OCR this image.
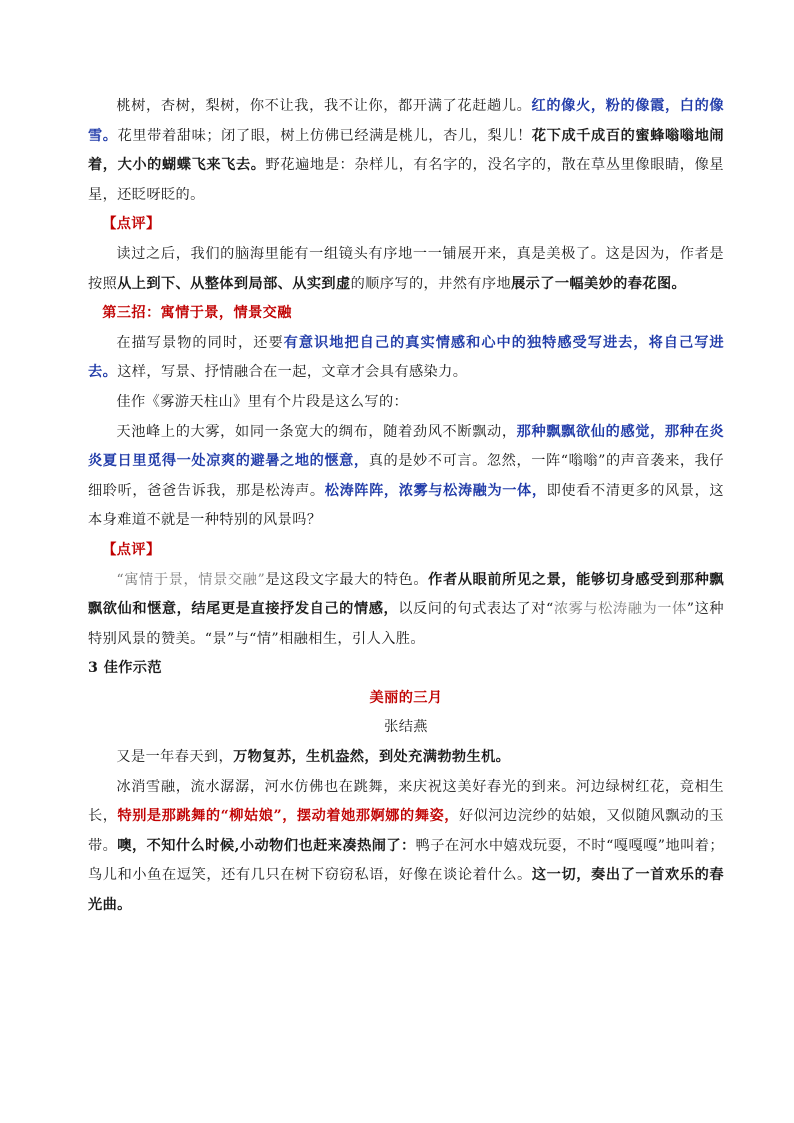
桃树，杏树，梨树，你不让我，我不让你，都开满了花赶趟儿。红的像火，粉的像霞，白的像雪。花里带着甜味；闭了眼，树上仿佛已经满是桃儿，杏儿，梨儿！花下成千成百的蜜蜂嗡嗡地闹着，大小的蝴蝶飞来飞去。野花遍地是：杂样儿，有名字的，没名字的，散在草丛里像眼睛，像星星，还眨呀眨的。

【点评】

读过之后，我们的脑海里能有一组镜头有序地一一铺展开来，真是美极了。这是因为，作者是按照从上到下、从整体到局部、从实到虚的顺序写的，井然有序地展示了一幅美妙的春花图。

第三招：寓情于景，情景交融

在描写景物的同时，还要有意识地把自己的真实情感和心中的独特感受写进去，将自己写进去。这样，写景、抒情融合在一起，文章才会具有感染力。

佳作《雾游天柱山》里有个片段是这么写的：

天池峰上的大雾，如同一条宽大的绸布，随着劲风不断飘动，那种飘飘欲仙的感觉，那种在炎炎夏日里觅得一处凉爽的避暑之地的惬意，真的是妙不可言。忽然，一阵“嗡嗡”的声音袭来，我仔细聆听，爸爸告诉我，那是松涛声。松涛阵阵，浓雾与松涛融为一体，即使看不清更多的风景，这本身难道不就是一种特别的风景吗？

【点评】

“寓情于景，情景交融”是这段文字最大的特色。作者从眼前所见之景，能够切身感受到那种飘飘欲仙和惬意，结尾更是直接抒发自己的情感，以反问的句式表达了对“浓雾与松涛融为一体”这种特别风景的赞美。“景”与“情”相融相生，引人入胜。

3 佳作示范

美丽的三月

张结燕

又是一年春天到，万物复苏，生机盎然，到处充满勃勃生机。

冰消雪融，流水潺潺，河水仿佛也在跳舞，来庆祝这美好春光的到来。河边绿树红花，竞相生长，特别是那跳舞的“柳姑娘”，摆动着她那婀娜的舞姿，好似河边浣纱的姑娘，又似随风飘动的玉带。噢，不知什么时候,小动物们也赶来凑热闹了：鸭子在河水中嬉戏玩耍，不时“嘎嘎嘎”地叫着；鸟儿和小鱼在逗笑，还有几只在树下窃窃私语，好像在谈论着什么。这一切，奏出了一首欢乐的春光曲。
